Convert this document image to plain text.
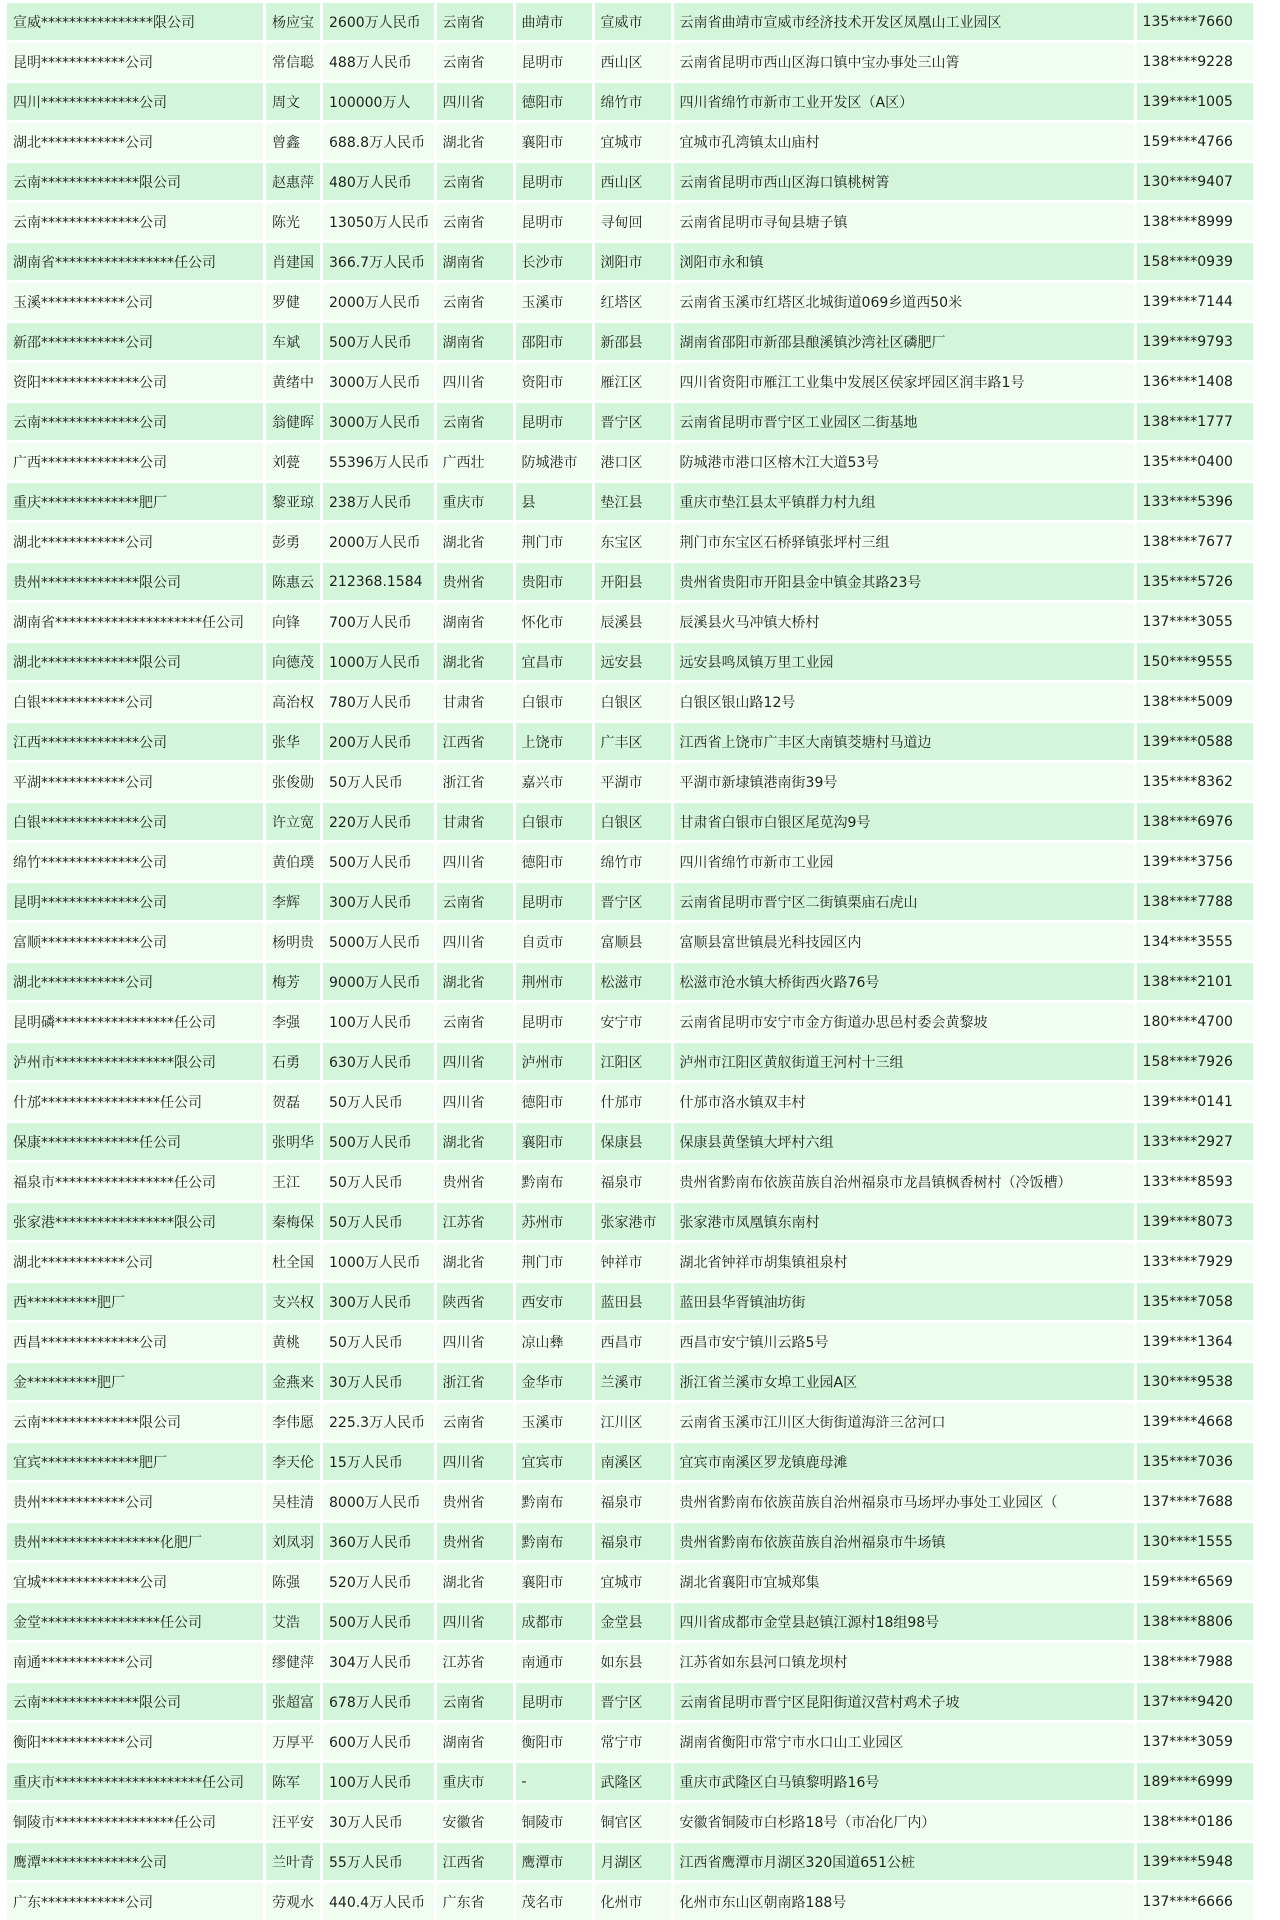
宣威****************限公司	杨应宝	2600万人民币	云南省	曲靖市	宣威市	云南省曲靖市宣威市经济技术开发区凤凰山工业园区	135****7660
昆明************公司	常信聪	488万人民币	云南省	昆明市	西山区	云南省昆明市西山区海口镇中宝办事处三山箐	138****9228
四川**************公司	周文	100000万人	四川省	德阳市	绵竹市	四川省绵竹市新市工业开发区（A区）	139****1005
湖北************公司	曾鑫	688.8万人民币	湖北省	襄阳市	宜城市	宜城市孔湾镇太山庙村	159****4766
云南**************限公司	赵惠萍	480万人民币	云南省	昆明市	西山区	云南省昆明市西山区海口镇桃树箐	130****9407
云南**************公司	陈光	13050万人民币	云南省	昆明市	寻甸回	云南省昆明市寻甸县塘子镇	138****8999
湖南省*****************任公司	肖建国	366.7万人民币	湖南省	长沙市	浏阳市	浏阳市永和镇	158****0939
玉溪************公司	罗健	2000万人民币	云南省	玉溪市	红塔区	云南省玉溪市红塔区北城街道069乡道西50米	139****7144
新邵************公司	车斌	500万人民币	湖南省	邵阳市	新邵县	湖南省邵阳市新邵县酿溪镇沙湾社区磷肥厂	139****9793
资阳**************公司	黄绪中	3000万人民币	四川省	资阳市	雁江区	四川省资阳市雁江工业集中发展区侯家坪园区润丰路1号	136****1408
云南**************公司	翁健晖	3000万人民币	云南省	昆明市	晋宁区	云南省昆明市晋宁区工业园区二街基地	138****1777
广西**************公司	刘甍	55396万人民币	广西壮	防城港市	港口区	防城港市港口区榕木江大道53号	135****0400
重庆**************肥厂	黎亚琼	238万人民币	重庆市	县	垫江县	重庆市垫江县太平镇群力村九组	133****5396
湖北************公司	彭勇	2000万人民币	湖北省	荆门市	东宝区	荆门市东宝区石桥驿镇张坪村三组	138****7677
贵州**************限公司	陈惠云	212368.1584	贵州省	贵阳市	开阳县	贵州省贵阳市开阳县金中镇金其路23号	135****5726
湖南省*********************任公司	向锋	700万人民币	湖南省	怀化市	辰溪县	辰溪县火马冲镇大桥村	137****3055
湖北**************限公司	向德茂	1000万人民币	湖北省	宜昌市	远安县	远安县鸣凤镇万里工业园	150****9555
白银************公司	高治权	780万人民币	甘肃省	白银市	白银区	白银区银山路12号	138****5009
江西**************公司	张华	200万人民币	江西省	上饶市	广丰区	江西省上饶市广丰区大南镇茭塘村马道边	139****0588
平湖************公司	张俊勋	50万人民币	浙江省	嘉兴市	平湖市	平湖市新埭镇港南街39号	135****8362
白银**************公司	许立宽	220万人民币	甘肃省	白银市	白银区	甘肃省白银市白银区尾苋沟9号	138****6976
绵竹**************公司	黄伯璞	500万人民币	四川省	德阳市	绵竹市	四川省绵竹市新市工业园	139****3756
昆明**************公司	李辉	300万人民币	云南省	昆明市	晋宁区	云南省昆明市晋宁区二街镇栗庙石虎山	138****7788
富顺**************公司	杨明贵	5000万人民币	四川省	自贡市	富顺县	富顺县富世镇晨光科技园区内	134****3555
湖北************公司	梅芳	9000万人民币	湖北省	荆州市	松滋市	松滋市沧水镇大桥街西火路76号	138****2101
昆明磷*****************任公司	李强	100万人民币	云南省	昆明市	安宁市	云南省昆明市安宁市金方街道办思邑村委会黄黎坡	180****4700
泸州市*****************限公司	石勇	630万人民币	四川省	泸州市	江阳区	泸州市江阳区黄舣街道王河村十三组	158****7926
什邡*****************任公司	贺磊	50万人民币	四川省	德阳市	什邡市	什邡市洛水镇双丰村	139****0141
保康**************任公司	张明华	500万人民币	湖北省	襄阳市	保康县	保康县黄堡镇大坪村六组	133****2927
福泉市*****************任公司	王江	50万人民币	贵州省	黔南布	福泉市	贵州省黔南布依族苗族自治州福泉市龙昌镇枫香树村（冷饭槽）	133****8593
张家港*****************限公司	秦梅保	50万人民币	江苏省	苏州市	张家港市	张家港市凤凰镇东南村	139****8073
湖北************公司	杜全国	1000万人民币	湖北省	荆门市	钟祥市	湖北省钟祥市胡集镇祖泉村	133****7929
西**********肥厂	支兴权	300万人民币	陕西省	西安市	蓝田县	蓝田县华胥镇油坊街	135****7058
西昌**************公司	黄桃	50万人民币	四川省	凉山彝	西昌市	西昌市安宁镇川云路5号	139****1364
金**********肥厂	金燕来	30万人民币	浙江省	金华市	兰溪市	浙江省兰溪市女埠工业园A区	130****9538
云南**************限公司	李伟愿	225.3万人民币	云南省	玉溪市	江川区	云南省玉溪市江川区大街街道海浒三岔河口	139****4668
宜宾**************肥厂	李天伦	15万人民币	四川省	宜宾市	南溪区	宜宾市南溪区罗龙镇鹿母滩	135****7036
贵州************公司	吴桂清	8000万人民币	贵州省	黔南布	福泉市	贵州省黔南布依族苗族自治州福泉市马场坪办事处工业园区（	137****7688
贵州*****************化肥厂	刘凤羽	360万人民币	贵州省	黔南布	福泉市	贵州省黔南布依族苗族自治州福泉市牛场镇	130****1555
宜城**************公司	陈强	520万人民币	湖北省	襄阳市	宜城市	湖北省襄阳市宜城郑集	159****6569
金堂*****************任公司	艾浩	500万人民币	四川省	成都市	金堂县	四川省成都市金堂县赵镇江源村18组98号	138****8806
南通************公司	缪健萍	304万人民币	江苏省	南通市	如东县	江苏省如东县河口镇龙坝村	138****7988
云南**************限公司	张超富	678万人民币	云南省	昆明市	晋宁区	云南省昆明市晋宁区昆阳街道汉营村鸡术子坡	137****9420
衡阳************公司	万厚平	600万人民币	湖南省	衡阳市	常宁市	湖南省衡阳市常宁市水口山工业园区	137****3059
重庆市*********************任公司	陈军	100万人民币	重庆市	-	武隆区	重庆市武隆区白马镇黎明路16号	189****6999
铜陵市*****************任公司	汪平安	30万人民币	安徽省	铜陵市	铜官区	安徽省铜陵市白杉路18号（市冶化厂内）	138****0186
鹰潭**************公司	兰叶青	55万人民币	江西省	鹰潭市	月湖区	江西省鹰潭市月湖区320国道651公桩	139****5948
广东************公司	劳观水	440.4万人民币	广东省	茂名市	化州市	化州市东山区朝南路188号	137****6666
